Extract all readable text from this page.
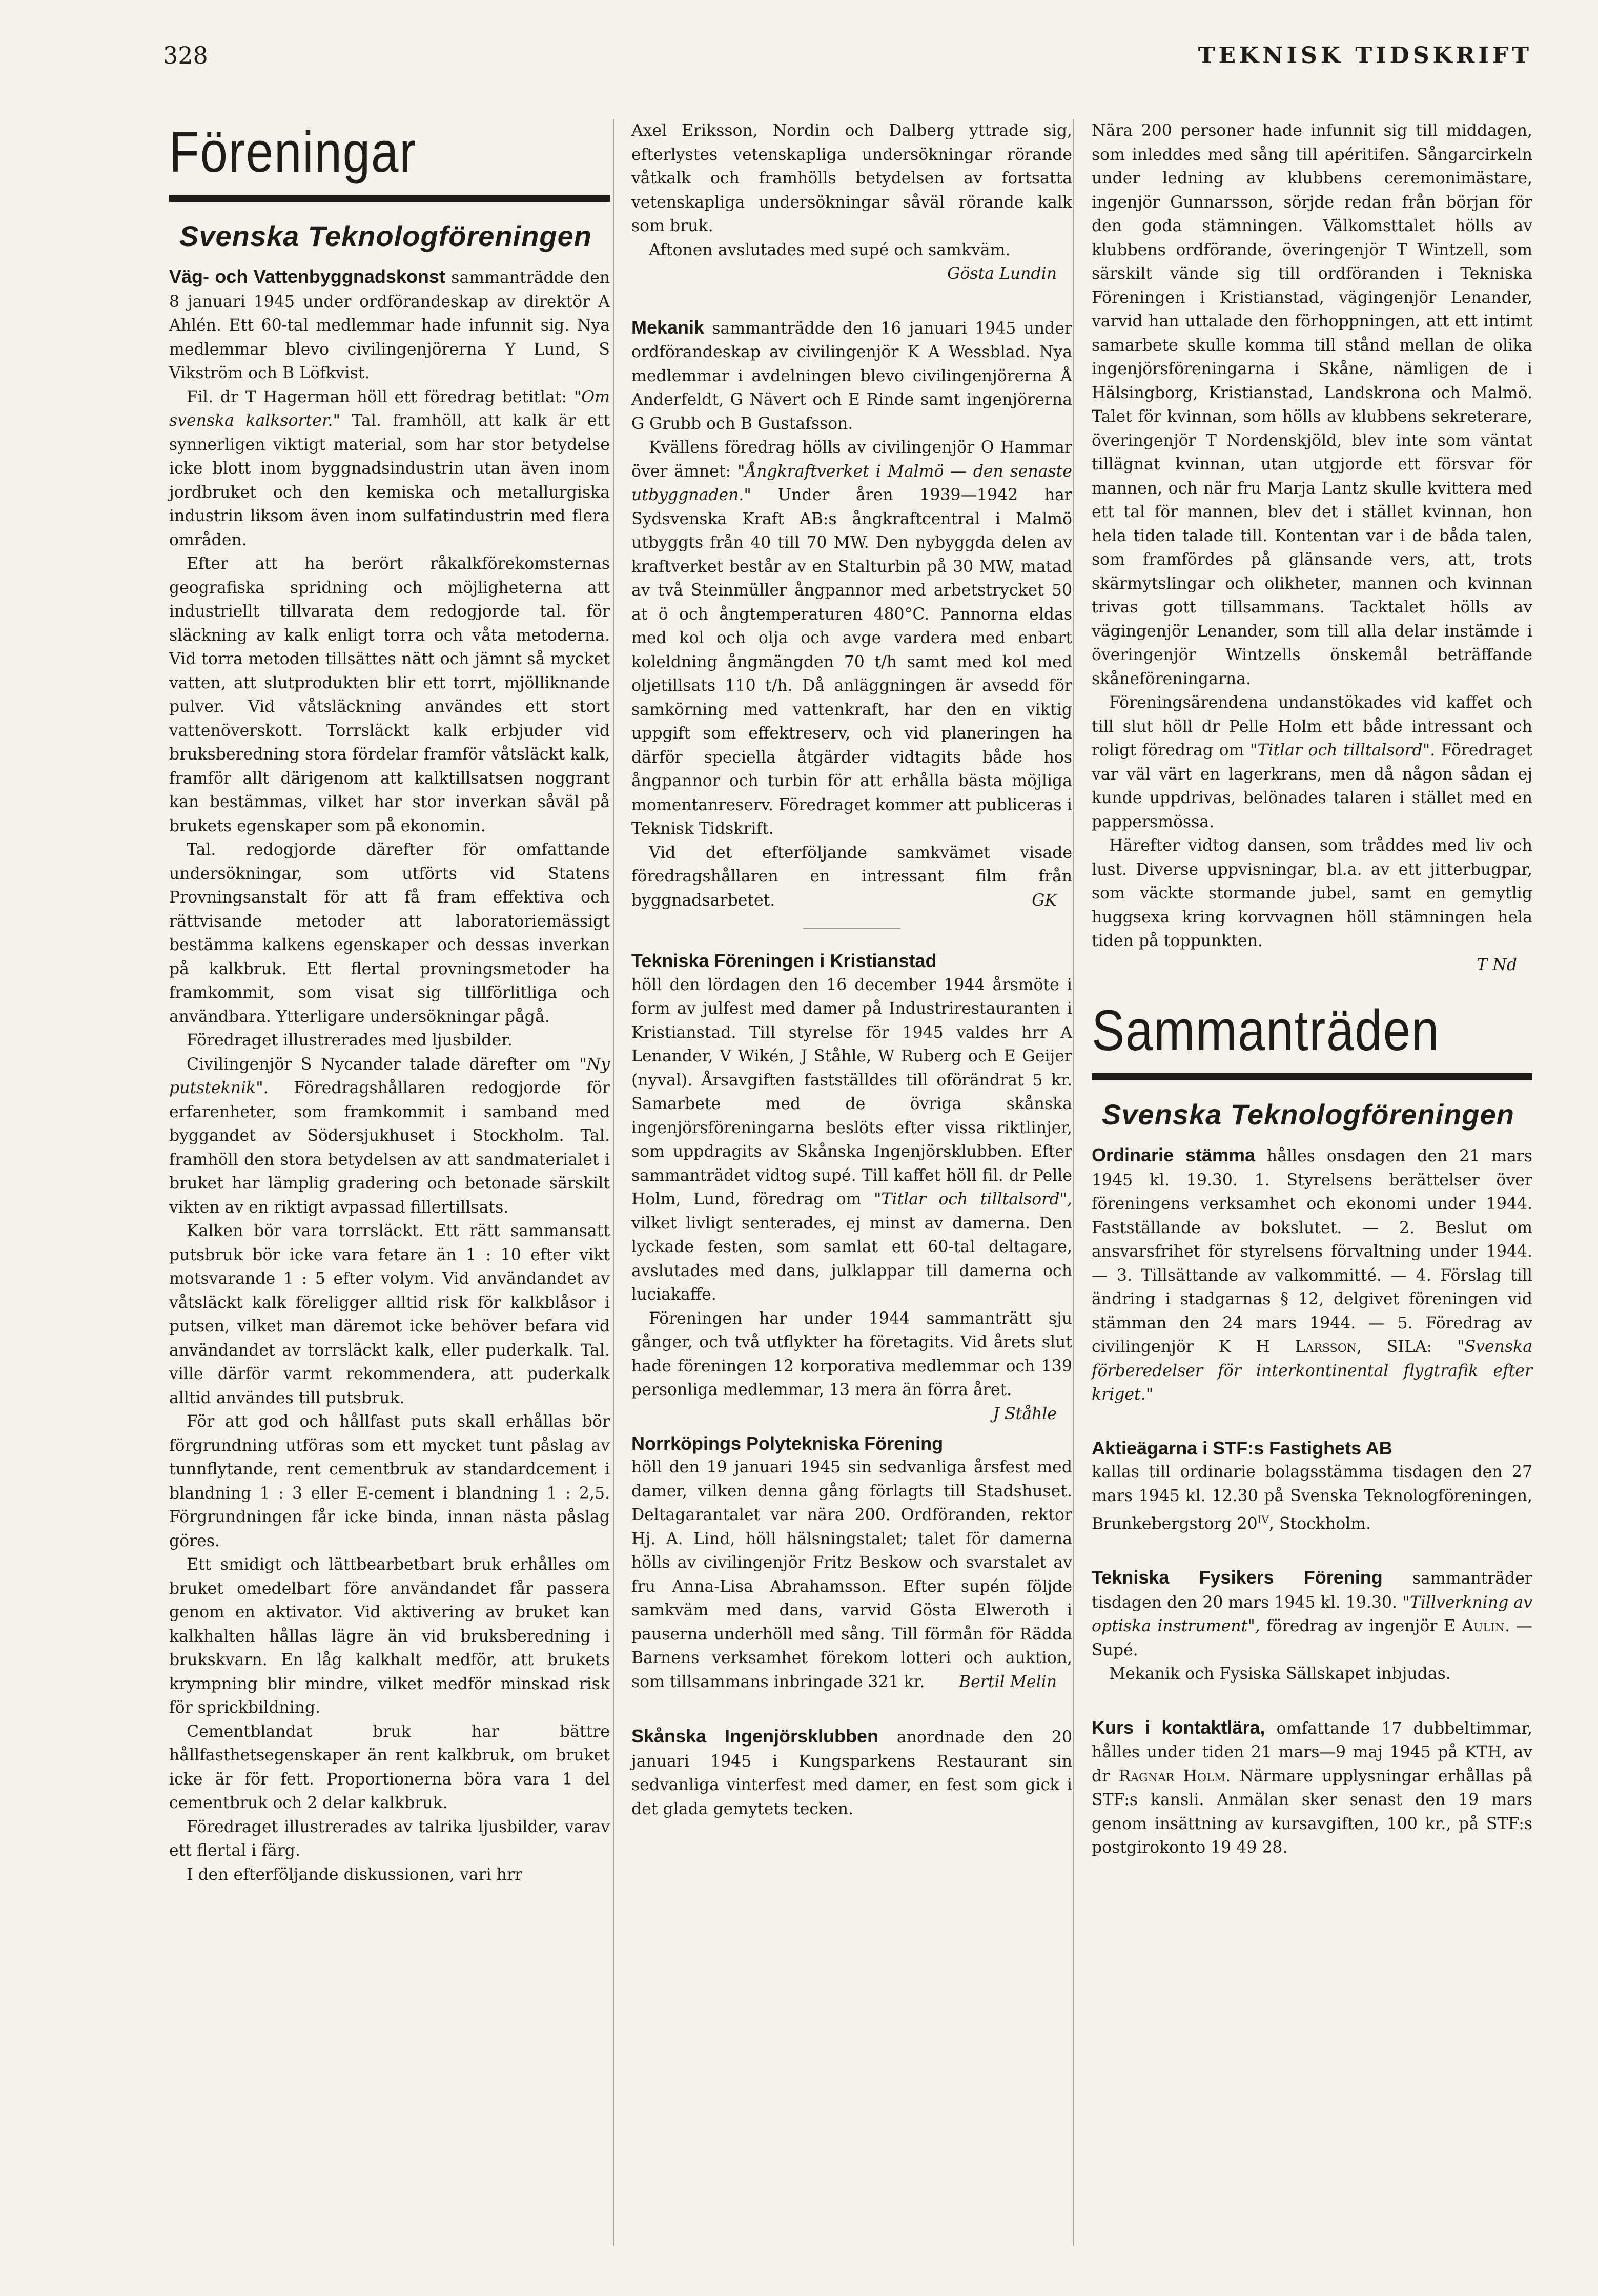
328	TEKNISK TIDSKRIFT
Föreningar
Svenska Teknologföreningen

Väg- och Vattenbyggnadskonst sammanträdde den 8 januari 1945 under ordförandeskap av direktör A Ahlén. Ett 60-tal medlemmar hade infunnit sig. Nya medlemmar blevo civilingenjörerna Y Lund, S Vikström och B Löfkvist.

Fil. dr T Hagerman höll ett föredrag betitlat: "Om svenska kalksorter." Tal. framhöll, att kalk är ett synnerligen viktigt material, som har stor betydelse icke blott inom byggnadsindustrin utan även inom jordbruket och den kemiska och metallurgiska industrin liksom även inom sulfatindustrin med flera områden.

Efter att ha berört råkalkförekomsternas geografiska spridning och möjligheterna att industriellt tillvarata dem redogjorde tal. för släckning av kalk enligt torra och våta metoderna. Vid torra metoden tillsättes nätt och jämnt så mycket vatten, att slutprodukten blir ett torrt, mjölliknande pulver. Vid våtsläckning användes ett stort vattenöverskott. Torrsläckt kalk erbjuder vid bruksberedning stora fördelar framför våtsläckt kalk, framför allt därigenom att kalktillsatsen noggrant kan bestämmas, vilket har stor inverkan såväl på brukets egenskaper som på ekonomin.

Tal. redogjorde därefter för omfattande undersökningar, som utförts vid Statens Provningsanstalt för att få fram effektiva och rättvisande metoder att laboratoriemässigt bestämma kalkens egenskaper och dessas inverkan på kalkbruk. Ett flertal provningsmetoder ha framkommit, som visat sig tillförlitliga och användbara. Ytterligare undersökningar pågå.

Föredraget illustrerades med ljusbilder.

Civilingenjör S Nycander talade därefter om "Ny putsteknik". Föredragshållaren redogjorde för erfarenheter, som framkommit i samband med byggandet av Södersjukhuset i Stockholm. Tal. framhöll den stora betydelsen av att sandmaterialet i bruket har lämplig gradering och betonade särskilt vikten av en riktigt avpassad fillertillsats.

Kalken bör vara torrsläckt. Ett rätt sammansatt putsbruk bör icke vara fetare än 1 : 10 efter vikt motsvarande 1 : 5 efter volym. Vid användandet av våtsläckt kalk föreligger alltid risk för kalkblåsor i putsen, vilket man däremot icke behöver befara vid användandet av torrsläckt kalk, eller puderkalk. Tal. ville därför varmt rekommendera, att puderkalk alltid användes till putsbruk.

För att god och hållfast puts skall erhållas bör förgrundning utföras som ett mycket tunt påslag av tunnflytande, rent cementbruk av standardcement i blandning 1 : 3 eller E-cement i blandning 1 : 2,5. Förgrundningen får icke binda, innan nästa påslag göres.

Ett smidigt och lättbearbetbart bruk erhålles om bruket omedelbart före användandet får passera genom en aktivator. Vid aktivering av bruket kan kalkhalten hållas lägre än vid bruksberedning i brukskvarn. En låg kalkhalt medför, att brukets krympning blir mindre, vilket medför minskad risk för sprickbildning.

Cementblandat bruk har bättre hållfasthetsegenskaper än rent kalkbruk, om bruket icke är för fett. Proportionerna böra vara 1 del cementbruk och 2 delar kalkbruk.

Föredraget illustrerades av talrika ljusbilder, varav ett flertal i färg.

I den efterföljande diskussionen, vari hrr

Axel Eriksson, Nordin och Dalberg yttrade sig, efterlystes vetenskapliga undersökningar rörande våtkalk och framhölls betydelsen av fortsatta vetenskapliga undersökningar såväl rörande kalk som bruk.

Aftonen avslutades med supé och samkväm.

Gösta Lundin

Mekanik sammanträdde den 16 januari 1945 under ordförandeskap av civilingenjör K A Wessblad. Nya medlemmar i avdelningen blevo civilingenjörerna Å Anderfeldt, G Nävert och E Rinde samt ingenjörerna G Grubb och B Gustafsson.

Kvällens föredrag hölls av civilingenjör O Hammar över ämnet: "Ångkraftverket i Malmö — den senaste utbyggnaden." Under åren 1939—1942 har Sydsvenska Kraft AB:s ångkraftcentral i Malmö utbyggts från 40 till 70 MW. Den nybyggda delen av kraftverket består av en Stalturbin på 30 MW, matad av två Steinmüller ångpannor med arbetstrycket 50 at ö och ångtemperaturen 480°C. Pannorna eldas med kol och olja och avge vardera med enbart koleldning ångmängden 70 t/h samt med kol med oljetillsats 110 t/h. Då anläggningen är avsedd för samkörning med vattenkraft, har den en viktig uppgift som effektreserv, och vid planeringen ha därför speciella åtgärder vidtagits både hos ångpannor och turbin för att erhålla bästa möjliga momentanreserv. Föredraget kommer att publiceras i Teknisk Tidskrift.

Vid det efterföljande samkvämet visade föredragshållaren en intressant film från byggnadsarbetet.	GK

Tekniska Föreningen i Kristianstad
höll den lördagen den 16 december 1944 årsmöte i form av julfest med damer på Industrirestauranten i Kristianstad. Till styrelse för 1945 valdes hrr A Lenander, V Wikén, J Ståhle, W Ruberg och E Geijer (nyval). Årsavgiften fastställdes till oförändrat 5 kr. Samarbete med de övriga skånska ingenjörsföreningarna beslöts efter vissa riktlinjer, som uppdragits av Skånska Ingenjörsklubben. Efter sammanträdet vidtog supé. Till kaffet höll fil. dr Pelle Holm, Lund, föredrag om "Titlar och tilltalsord", vilket livligt senterades, ej minst av damerna. Den lyckade festen, som samlat ett 60-tal deltagare, avslutades med dans, julklappar till damerna och luciakaffe.

Föreningen har under 1944 sammanträtt sju gånger, och två utflykter ha företagits. Vid årets slut hade föreningen 12 korporativa medlemmar och 139 personliga medlemmar, 13 mera än förra året.
J Ståhle

Norrköpings Polytekniska Förening
höll den 19 januari 1945 sin sedvanliga årsfest med damer, vilken denna gång förlagts till Stadshuset. Deltagarantalet var nära 200. Ordföranden, rektor Hj. A. Lind, höll hälsningstalet; talet för damerna hölls av civilingenjör Fritz Beskow och svarstalet av fru Anna-Lisa Abrahamsson. Efter supén följde samkväm med dans, varvid Gösta Elweroth i pauserna underhöll med sång. Till förmån för Rädda Barnens verksamhet förekom lotteri och auktion, som tillsammans inbringade 321 kr. Bertil Melin

Skånska Ingenjörsklubben anordnade den 20 januari 1945 i Kungsparkens Restaurant sin sedvanliga vinterfest med damer, en fest som gick i det glada gemytets tecken.

Nära 200 personer hade infunnit sig till middagen, som inleddes med sång till apéritifen. Sångarcirkeln under ledning av klubbens ceremonimästare, ingenjör Gunnarsson, sörjde redan från början för den goda stämningen. Välkomsttalet hölls av klubbens ordförande, överingenjör T Wintzell, som särskilt vände sig till ordföranden i Tekniska Föreningen i Kristianstad, vägingenjör Lenander, varvid han uttalade den förhoppningen, att ett intimt samarbete skulle komma till stånd mellan de olika ingenjörsföreningarna i Skåne, nämligen de i Hälsingborg, Kristianstad, Landskrona och Malmö. Talet för kvinnan, som hölls av klubbens sekreterare, överingenjör T Nordenskjöld, blev inte som väntat tillägnat kvinnan, utan utgjorde ett försvar för mannen, och när fru Marja Lantz skulle kvittera med ett tal för mannen, blev det i stället kvinnan, hon hela tiden talade till. Kontentan var i de båda talen, som framfördes på glänsande vers, att, trots skärmytslingar och olikheter, mannen och kvinnan trivas gott tillsammans. Tacktalet hölls av vägingenjör Lenander, som till alla delar instämde i överingenjör Wintzells önskemål beträffande skåneföreningarna.

Föreningsärendena undanstökades vid kaffet och till slut höll dr Pelle Holm ett både intressant och roligt föredrag om "Titlar och tilltalsord". Föredraget var väl värt en lagerkrans, men då någon sådan ej kunde uppdrivas, belönades talaren i stället med en pappersmössa.

Härefter vidtog dansen, som tråddes med liv och lust. Diverse uppvisningar, bl.a. av ett jitterbugpar, som väckte stormande jubel, samt en gemytlig huggsexa kring korvvagnen höll stämningen hela tiden på toppunkten.

T Nd
Sammanträden
Svenska Teknologföreningen

Ordinarie stämma hålles onsdagen den 21 mars 1945 kl. 19.30. 1. Styrelsens berättelser över föreningens verksamhet och ekonomi under 1944. Fastställande av bokslutet. — 2. Beslut om ansvarsfrihet för styrelsens förvaltning under 1944. — 3. Tillsättande av valkommitté. — 4. Förslag till ändring i stadgarnas § 12, delgivet föreningen vid stämman den 24 mars 1944. — 5. Föredrag av civilingenjör K H Larsson, SILA: "Svenska förberedelser för interkontinental flygtrafik efter kriget."

Aktieägarna i STF:s Fastighets AB
kallas till ordinarie bolagsstämma tisdagen den 27 mars 1945 kl. 12.30 på Svenska Teknologföreningen, Brunkebergstorg $20^{IV}$, Stockholm.

Tekniska Fysikers Förening sammanträder tisdagen den 20 mars 1945 kl. 19.30. "Tillverkning av optiska instrument", föredrag av ingenjör E Aulin. — Supé.

Mekanik och Fysiska Sällskapet inbjudas.

Kurs i kontaktlära, omfattande 17 dubbeltimmar, hålles under tiden 21 mars—9 maj 1945 på KTH, av dr Ragnar Holm. Närmare upplysningar erhållas på STF:s kansli. Anmälan sker senast den 19 mars genom insättning av kursavgiften, 100 kr., på STF:s postgirokonto 19 49 28.
